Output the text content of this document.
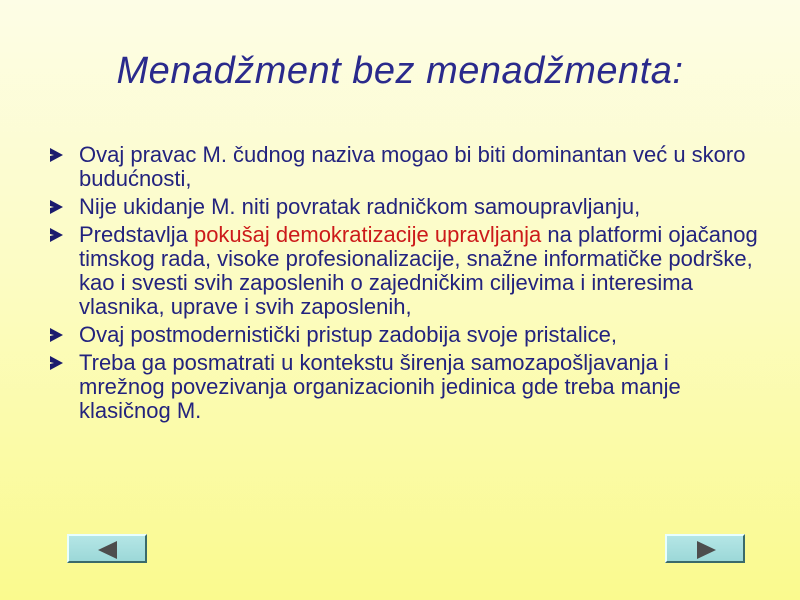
Menadžment bez menadžmenta:
Ovaj pravac M. čudnog naziva mogao bi biti dominantan već u skoro budućnosti,
Nije ukidanje M. niti povratak radničkom samoupravljanju,
Predstavlja pokušaj demokratizacije upravljanja na platformi ojačanog timskog rada, visoke profesionalizacije, snažne informatičke podrške, kao i svesti svih zaposlenih o zajedničkim ciljevima i interesima vlasnika, uprave i svih zaposlenih,
Ovaj postmodernistički pristup zadobija svoje pristalice,
Treba ga posmatrati u kontekstu širenja samozapošljavanja i mrežnog povezivanja organizacionih jedinica gde treba manje klasičnog M.
